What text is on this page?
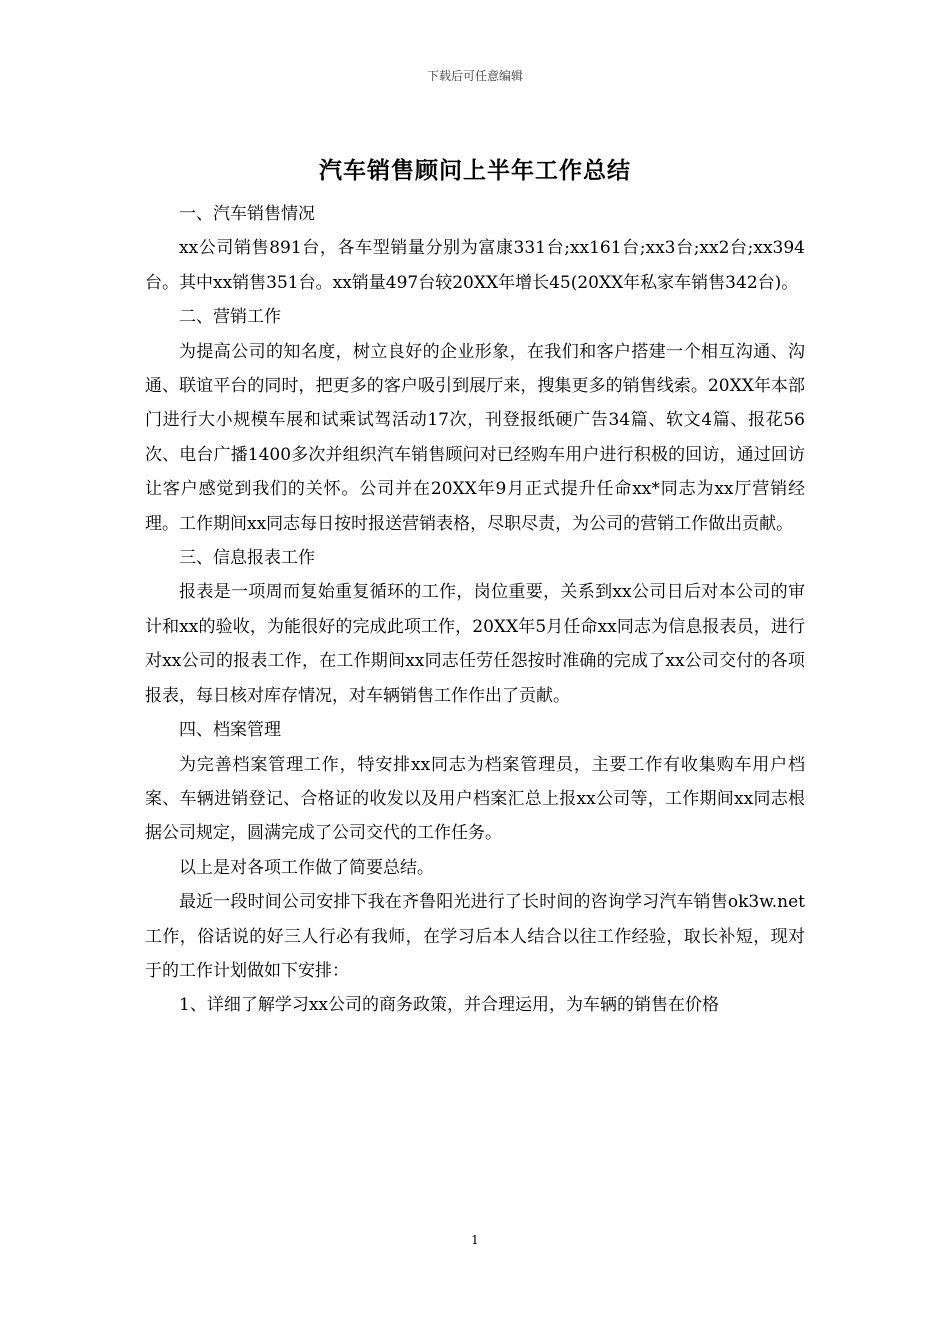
下载后可任意编辑
汽车销售顾问上半年工作总结

一、汽车销售情况

xx公司销售891台，各车型销量分别为富康331台;xx161台;xx3台;xx2台;xx394台。其中xx销售351台。xx销量497台较20XX年增长45(20XX年私家车销售342台)。

二、营销工作

为提高公司的知名度，树立良好的企业形象，在我们和客户搭建一个相互沟通、沟通、联谊平台的同时，把更多的客户吸引到展厅来，搜集更多的销售线索。20XX年本部门进行大小规模车展和试乘试驾活动17次，刊登报纸硬广告34篇、软文4篇、报花56次、电台广播1400多次并组织汽车销售顾问对已经购车用户进行积极的回访，通过回访让客户感觉到我们的关怀。公司并在20XX年9月正式提升任命xx*同志为xx厅营销经理。工作期间xx同志每日按时报送营销表格，尽职尽责，为公司的营销工作做出贡献。

三、信息报表工作

报表是一项周而复始重复循环的工作，岗位重要，关系到xx公司日后对本公司的审计和xx的验收，为能很好的完成此项工作，20XX年5月任命xx同志为信息报表员，进行对xx公司的报表工作，在工作期间xx同志任劳任怨按时准确的完成了xx公司交付的各项报表，每日核对库存情况，对车辆销售工作作出了贡献。

四、档案管理

为完善档案管理工作，特安排xx同志为档案管理员，主要工作有收集购车用户档案、车辆进销登记、合格证的收发以及用户档案汇总上报xx公司等，工作期间xx同志根据公司规定，圆满完成了公司交代的工作任务。

以上是对各项工作做了简要总结。

最近一段时间公司安排下我在齐鲁阳光进行了长时间的咨询学习汽车销售ok3w.net工作，俗话说的好三人行必有我师，在学习后本人结合以往工作经验，取长补短，现对于的工作计划做如下安排：

1、详细了解学习xx公司的商务政策，并合理运用，为车辆的销售在价格

1
